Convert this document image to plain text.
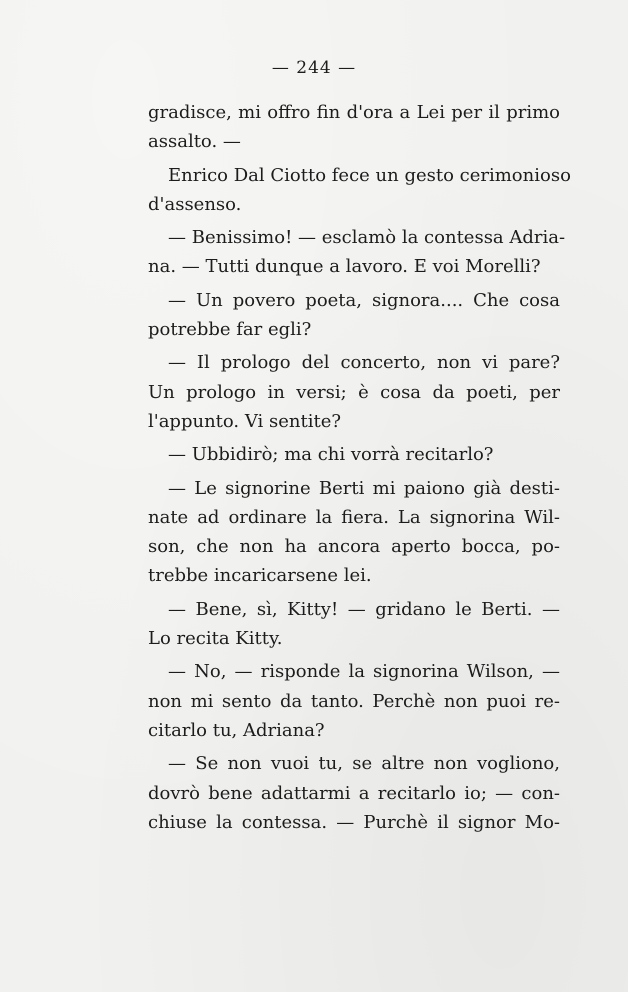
— 244 —
gradisce, mi offro fin d'ora a Lei per il primo
assalto. —
Enrico Dal Ciotto fece un gesto cerimonioso
d'assenso.
— Benissimo! — esclamò la contessa Adria-
na. — Tutti dunque a lavoro. E voi Morelli?
— Un povero poeta, signora.... Che cosa
potrebbe far egli?
— Il prologo del concerto, non vi pare?
Un prologo in versi; è cosa da poeti, per
l'appunto. Vi sentite?
— Ubbidirò; ma chi vorrà recitarlo?
— Le signorine Berti mi paiono già desti-
nate ad ordinare la fiera. La signorina Wil-
son, che non ha ancora aperto bocca, po-
trebbe incaricarsene lei.
— Bene, sì, Kitty! — gridano le Berti. —
Lo recita Kitty.
— No, — risponde la signorina Wilson, —
non mi sento da tanto. Perchè non puoi re-
citarlo tu, Adriana?
— Se non vuoi tu, se altre non vogliono,
dovrò bene adattarmi a recitarlo io; — con-
chiuse la contessa. — Purchè il signor Mo-
